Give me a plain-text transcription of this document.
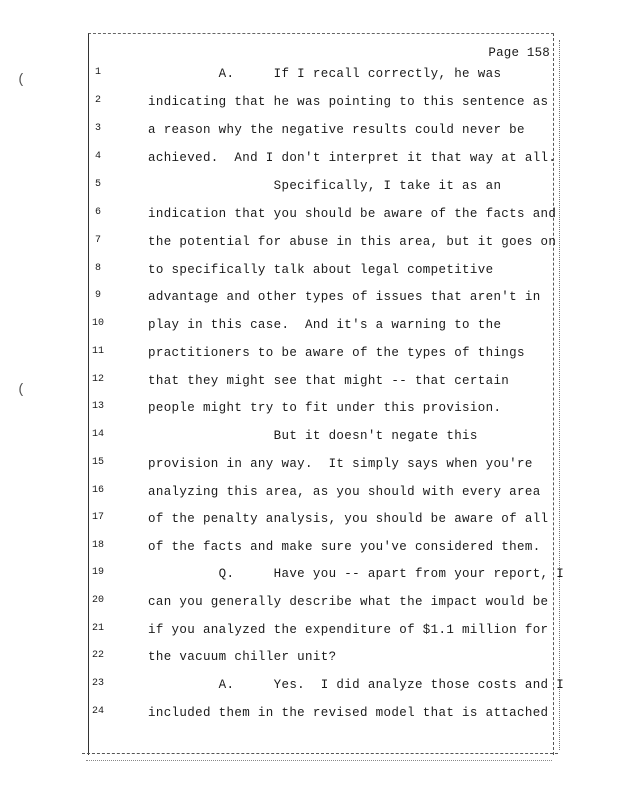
(
(
Page 158
1	A.     If I recall correctly, he was
2	indicating that he was pointing to this sentence as
3	a reason why the negative results could never be
4	achieved.  And I don't interpret it that way at all.
5	Specifically, I take it as an
6	indication that you should be aware of the facts and
7	the potential for abuse in this area, but it goes on
8	to specifically talk about legal competitive
9	advantage and other types of issues that aren't in
10	play in this case.  And it's a warning to the
11	practitioners to be aware of the types of things
12	that they might see that might -- that certain
13	people might try to fit under this provision.
14	But it doesn't negate this
15	provision in any way.  It simply says when you're
16	analyzing this area, as you should with every area
17	of the penalty analysis, you should be aware of all
18	of the facts and make sure you've considered them.
19	Q.     Have you -- apart from your report, I
20	can you generally describe what the impact would be
21	if you analyzed the expenditure of $1.1 million for
22	the vacuum chiller unit?
23	A.     Yes.  I did analyze those costs and I
24	included them in the revised model that is attached
